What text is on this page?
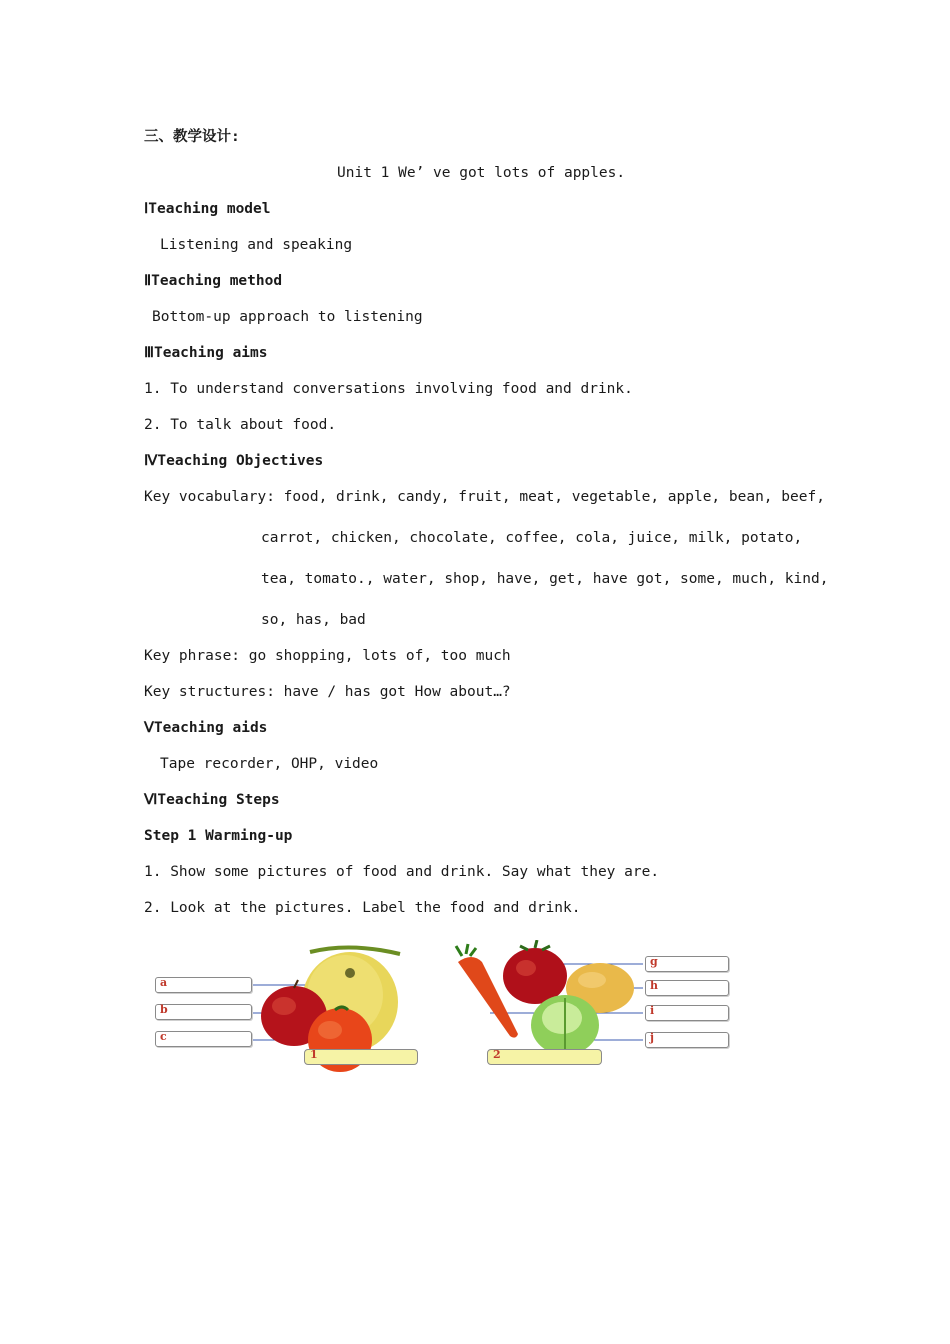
三、教学设计:
Unit 1 We’ ve got lots of apples.
ⅠTeaching model
Listening and speaking
ⅡTeaching method
Bottom-up approach to listening
ⅢTeaching aims
1. To understand conversations involving food and drink.
2. To talk about food.
ⅣTeaching Objectives
Key vocabulary: food, drink, candy, fruit, meat, vegetable, apple, bean, beef,
carrot, chicken, chocolate, coffee, cola, juice, milk, potato,
tea, tomato., water, shop, have, get, have got, some, much, kind,
so, has, bad
Key phrase: go shopping, lots of, too much
Key structures: have / has got How about…?
ⅤTeaching aids
Tape recorder, OHP, video
ⅥTeaching Steps
Step 1 Warming-up
1. Show some pictures of food and drink. Say what they are.
2. Look at the pictures. Label the food and drink.
a
b
c
1
g
h
i
j
2
